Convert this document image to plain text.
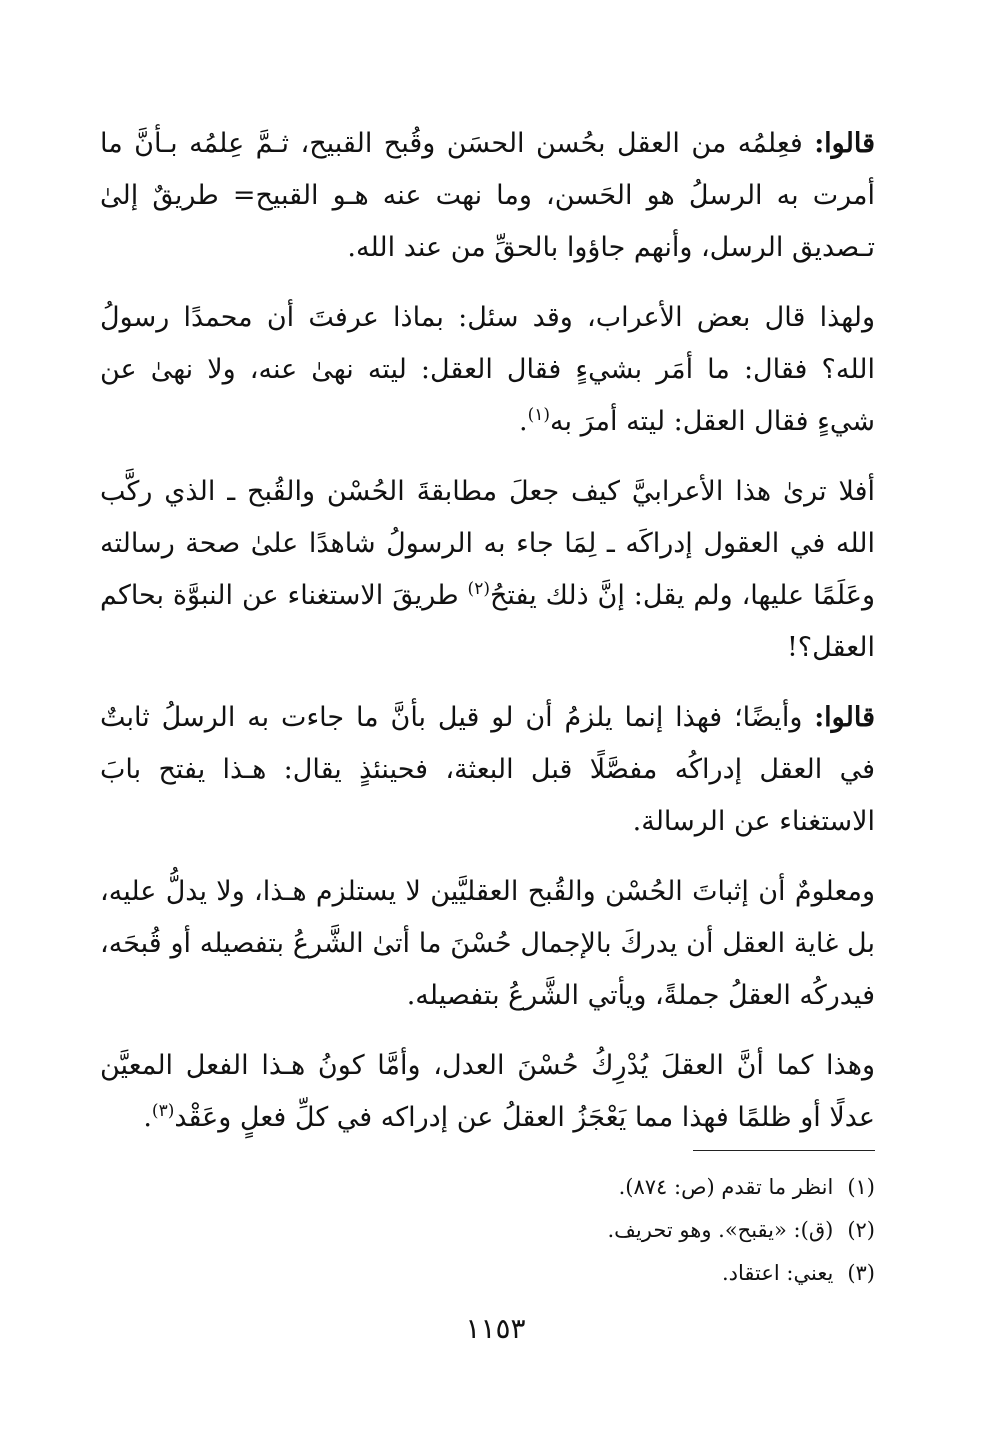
قالوا: فعِلمُه من العقل بحُسن الحسَن وقُبح القبيح، ثـمَّ عِلمُه بـأنَّ ما أمرت به الرسلُ هو الحَسن، وما نهت عنه هـو القبيح= طريقٌ إلىٰ تـصديق الرسل، وأنهم جاؤوا بالحقِّ من عند الله.

ولهذا قال بعض الأعراب، وقد سئل: بماذا عرفتَ أن محمدًا رسولُ الله؟ فقال: ما أمَر بشيءٍ فقال العقل: ليته نهىٰ عنه، ولا نهىٰ عن شيءٍ فقال العقل: ليته أمرَ به$^{(١)}$.

أفلا ترىٰ هذا الأعرابيَّ كيف جعلَ مطابقةَ الحُسْن والقُبح ـ الذي ركَّب الله في العقول إدراكَه ـ لِمَا جاء به الرسولُ شاهدًا علىٰ صحة رسالته وعَلَمًا عليها، ولم يقل: إنَّ ذلك يفتحُ$^{(٢)}$ طريقَ الاستغناء عن النبوَّة بحاكم العقل؟!

قالوا: وأيضًا؛ فهذا إنما يلزمُ أن لو قيل بأنَّ ما جاءت به الرسلُ ثابتٌ في العقل إدراكُه مفصَّلًا قبل البعثة، فحينئذٍ يقال: هـذا يفتح بابَ الاستغناء عن الرسالة.

ومعلومٌ أن إثباتَ الحُسْن والقُبح العقليَّين لا يستلزم هـذا، ولا يدلُّ عليه، بل غاية العقل أن يدركَ بالإجمال حُسْنَ ما أتىٰ الشَّرعُ بتفصيله أو قُبحَه، فيدركُه العقلُ جملةً، ويأتي الشَّرعُ بتفصيله.

وهذا كما أنَّ العقلَ يُدْرِكُ حُسْنَ العدل، وأمَّا كونُ هـذا الفعل المعيَّن عدلًا أو ظلمًا فهذا مما يَعْجَزُ العقلُ عن إدراكه في كلِّ فعلٍ وعَقْد$^{(٣)}$.

(١)انظر ما تقدم (ص: ٨٧٤).
(٢)(ق): «يقبح». وهو تحريف.
(٣)يعني: اعتقاد.
١١٥٣
